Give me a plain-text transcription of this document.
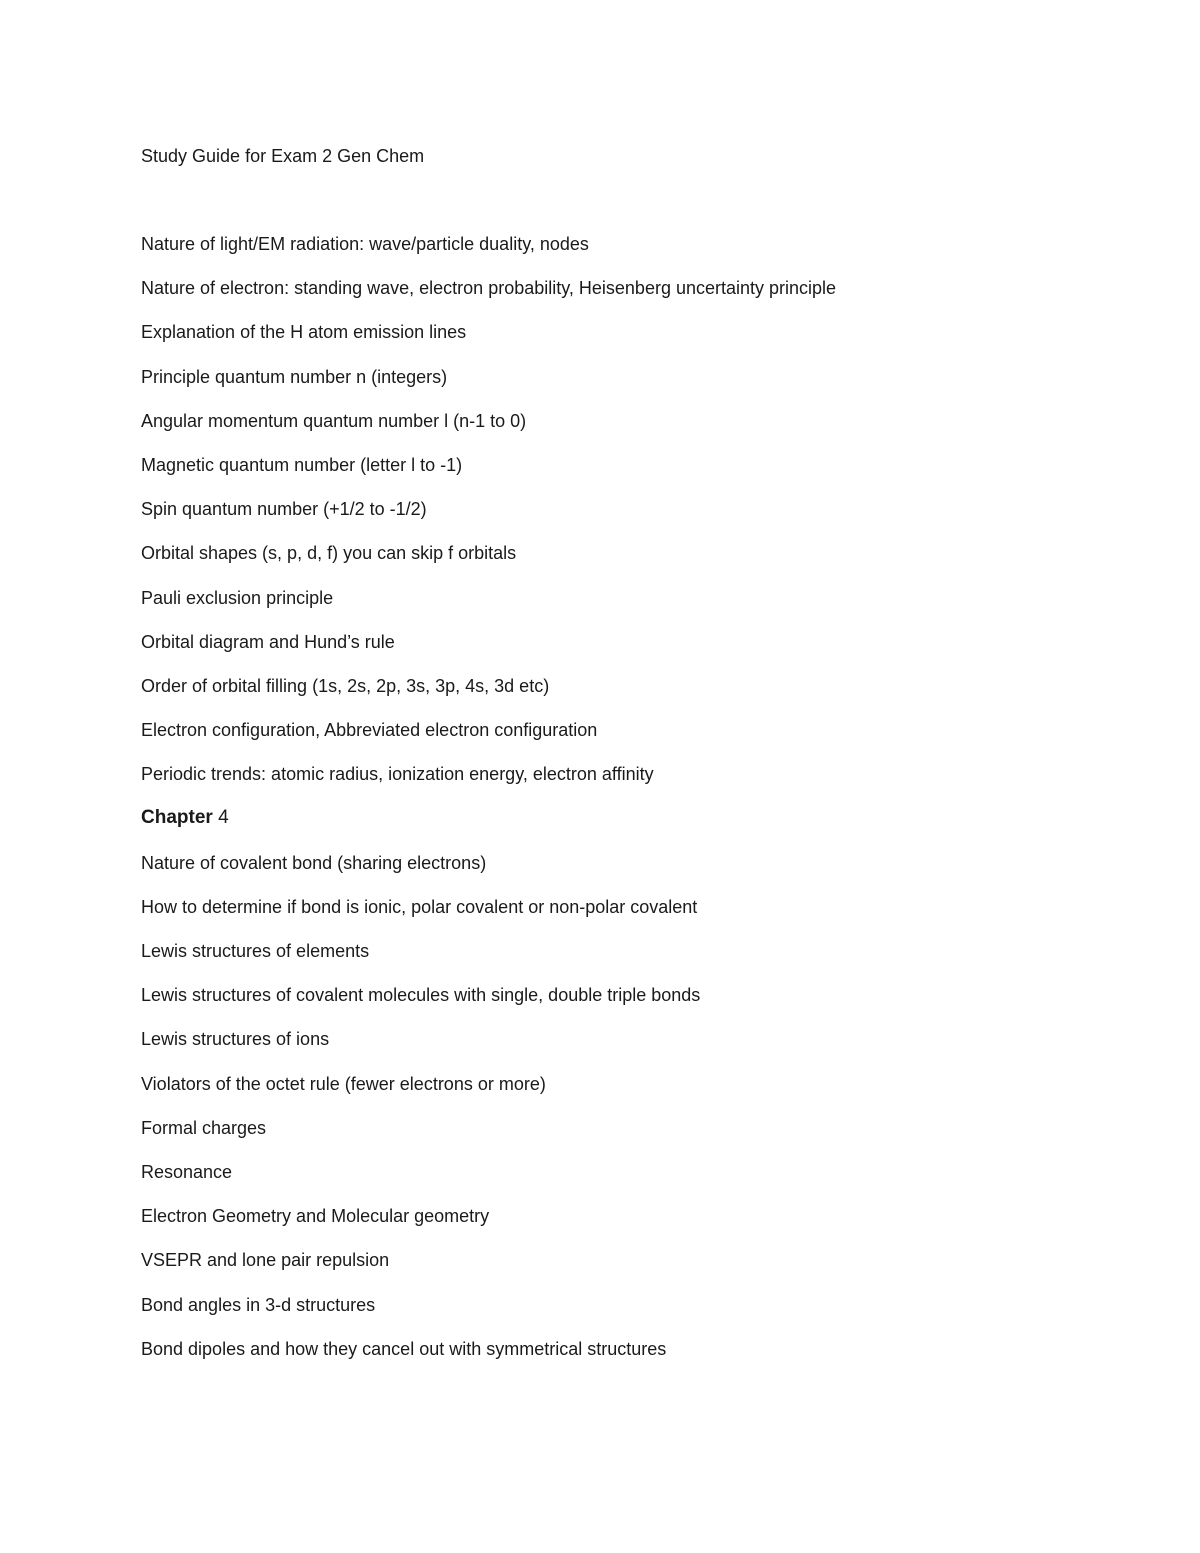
Study Guide for Exam 2 Gen Chem

Nature of light/EM radiation: wave/particle duality, nodes

Nature of electron: standing wave, electron probability, Heisenberg uncertainty principle

Explanation of the H atom emission lines

Principle quantum number n (integers)

Angular momentum quantum number l (n-1 to 0)

Magnetic quantum number (letter l to -1)

Spin quantum number (+1/2 to -1/2)

Orbital shapes (s, p, d, f) you can skip f orbitals

Pauli exclusion principle

Orbital diagram and Hund’s rule

Order of orbital filling (1s, 2s, 2p, 3s, 3p, 4s, 3d etc)

Electron configuration, Abbreviated electron configuration

Periodic trends: atomic radius, ionization energy, electron affinity

Chapter 4

Nature of covalent bond (sharing electrons)

How to determine if bond is ionic, polar covalent or non-polar covalent

Lewis structures of elements

Lewis structures of covalent molecules with single, double triple bonds

Lewis structures of ions

Violators of the octet rule (fewer electrons or more)

Formal charges

Resonance

Electron Geometry and Molecular geometry

VSEPR and lone pair repulsion

Bond angles in 3-d structures

Bond dipoles and how they cancel out with symmetrical structures
